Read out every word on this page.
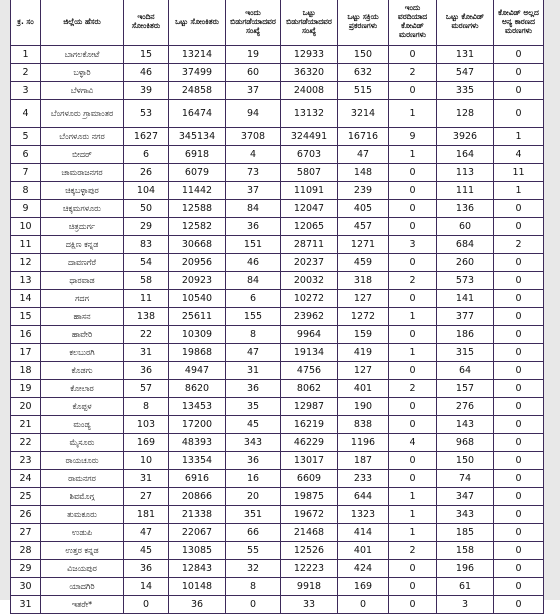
ಕ್ರ. ಸಂ	ಜಿಲ್ಲೆಯ ಹೆಸರು	ಇಂದಿನ ಸೋಂಕಿತರು	ಒಟ್ಟು ಸೋಂಕಿತರು	ಇಂದು ಬಿಡುಗಡೆಯಾದವರ ಸಂಖ್ಯೆ	ಒಟ್ಟು ಬಿಡುಗಡೆಯಾದವರ ಸಂಖ್ಯೆ	ಒಟ್ಟು ಸಕ್ರಿಯ ಪ್ರಕರಣಗಳು	ಇಂದು ವರದಿಯಾದ ಕೋವಿಡ್ ಮರಣಗಳು	ಒಟ್ಟು ಕೋವಿಡ್ ಮರಣಗಳು	ಕೋವಿಡ್ ಅಲ್ಲದ ಅನ್ಯ ಕಾರಣದ ಮರಣಗಳು
1	ಬಾಗಲಕೋಟೆ	15	13214	19	12933	150	0	131	0
2	ಬಳ್ಳಾರಿ	46	37499	60	36320	632	2	547	0
3	ಬೆಳಗಾವಿ	39	24858	37	24008	515	0	335	0
4	ಬೆಂಗಳೂರು ಗ್ರಾಮಾಂತರ	53	16474	94	13132	3214	1	128	0
5	ಬೆಂಗಳೂರು ನಗರ	1627	345134	3708	324491	16716	9	3926	1
6	ಬೀದರ್	6	6918	4	6703	47	1	164	4
7	ಚಾಮರಾಜನಗರ	26	6079	73	5807	148	0	113	11
8	ಚಿಕ್ಕಬಳ್ಳಾಪುರ	104	11442	37	11091	239	0	111	1
9	ಚಿಕ್ಕಮಗಳೂರು	50	12588	84	12047	405	0	136	0
10	ಚಿತ್ರದುರ್ಗ	29	12582	36	12065	457	0	60	0
11	ದಕ್ಷಿಣ ಕನ್ನಡ	83	30668	151	28711	1271	3	684	2
12	ದಾವಣಗೆರೆ	54	20956	46	20237	459	0	260	0
13	ಧಾರವಾಡ	58	20923	84	20032	318	2	573	0
14	ಗದಗ	11	10540	6	10272	127	0	141	0
15	ಹಾಸನ	138	25611	155	23962	1272	1	377	0
16	ಹಾವೇರಿ	22	10309	8	9964	159	0	186	0
17	ಕಲಬುರಗಿ	31	19868	47	19134	419	1	315	0
18	ಕೊಡಗು	36	4947	31	4756	127	0	64	0
19	ಕೋಲಾರ	57	8620	36	8062	401	2	157	0
20	ಕೊಪ್ಪಳ	8	13453	35	12987	190	0	276	0
21	ಮಂಡ್ಯ	103	17200	45	16219	838	0	143	0
22	ಮೈಸೂರು	169	48393	343	46229	1196	4	968	0
23	ರಾಯಚೂರು	10	13354	36	13017	187	0	150	0
24	ರಾಮನಗರ	31	6916	16	6609	233	0	74	0
25	ಶಿವಮೊಗ್ಗ	27	20866	20	19875	644	1	347	0
26	ತುಮಕೂರು	181	21338	351	19672	1323	1	343	0
27	ಉಡುಪಿ	47	22067	66	21468	414	1	185	0
28	ಉತ್ತರ ಕನ್ನಡ	45	13085	55	12526	401	2	158	0
29	ವಿಜಯಪುರ	36	12843	32	12223	424	0	196	0
30	ಯಾದಗಿರಿ	14	10148	8	9918	169	0	61	0
31	ಇತರೇ*	0	36	0	33	0	0	3	0
